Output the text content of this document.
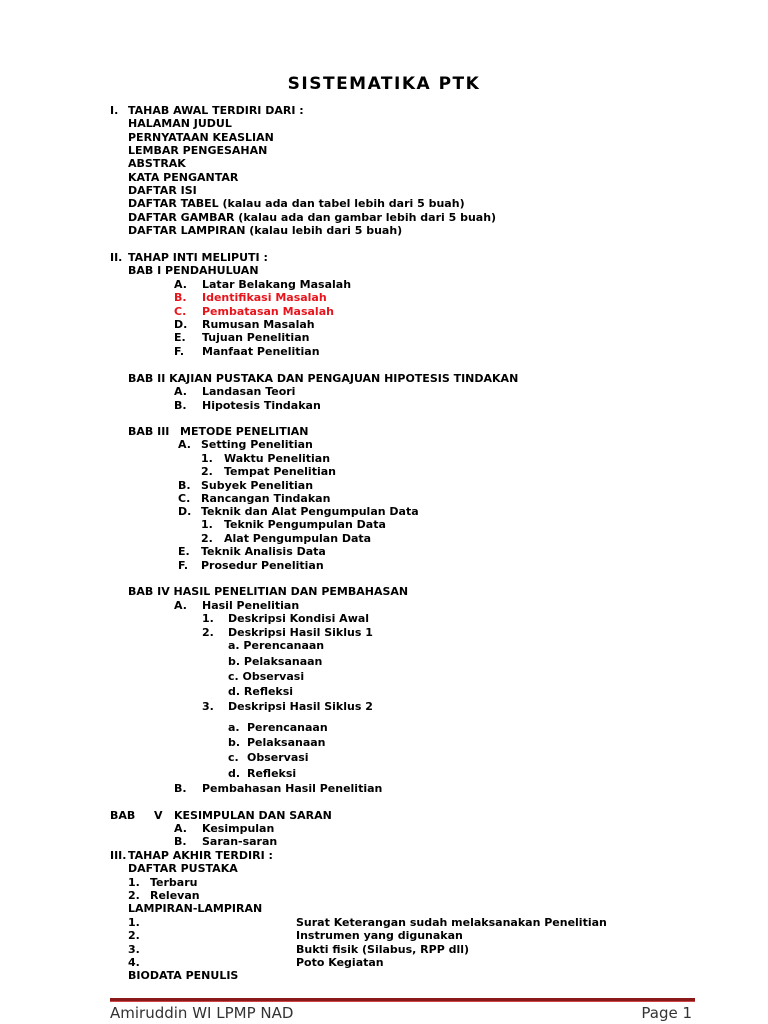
SISTEMATIKA PTK
I. TAHAB AWAL TERDIRI DARI :
HALAMAN JUDUL
PERNYATAAN KEASLIAN
LEMBAR PENGESAHAN
ABSTRAK
KATA PENGANTAR
DAFTAR ISI
DAFTAR TABEL (kalau ada dan tabel lebih dari 5 buah)
DAFTAR GAMBAR (kalau ada dan gambar lebih dari 5 buah)
DAFTAR LAMPIRAN (kalau lebih dari 5 buah)
II. TAHAP INTI MELIPUTI :
BAB I PENDAHULUAN
A. Latar Belakang Masalah
B. Identifikasi Masalah
C. Pembatasan Masalah
D. Rumusan Masalah
E. Tujuan Penelitian
F. Manfaat Penelitian
BAB II KAJIAN PUSTAKA DAN PENGAJUAN HIPOTESIS TINDAKAN
A. Landasan Teori
B. Hipotesis Tindakan
BAB III METODE PENELITIAN
A. Setting Penelitian
1. Waktu Penelitian
2. Tempat Penelitian
B. Subyek Penelitian
C. Rancangan Tindakan
D. Teknik dan Alat Pengumpulan Data
1. Teknik Pengumpulan Data
2. Alat Pengumpulan Data
E. Teknik Analisis Data
F. Prosedur Penelitian
BAB IV HASIL PENELITIAN DAN PEMBAHASAN
A. Hasil Penelitian
1. Deskripsi Kondisi Awal
2. Deskripsi Hasil Siklus 1
a. Perencanaan
b. Pelaksanaan
c. Observasi
d. Refleksi
3. Deskripsi Hasil Siklus 2
a. Perencanaan
b. Pelaksanaan
c. Observasi
d. Refleksi
B. Pembahasan Hasil Penelitian
BAB V KESIMPULAN DAN SARAN
A. Kesimpulan
B. Saran-saran
III. TAHAP AKHIR TERDIRI :
DAFTAR PUSTAKA
1. Terbaru
2. Relevan
LAMPIRAN-LAMPIRAN
1.	Surat Keterangan sudah melaksanakan Penelitian
2.	Instrumen yang digunakan
3.	Bukti fisik (Silabus, RPP dll)
4.	Poto Kegiatan
BIODATA PENULIS
Amiruddin WI LPMP NAD	Page 1
